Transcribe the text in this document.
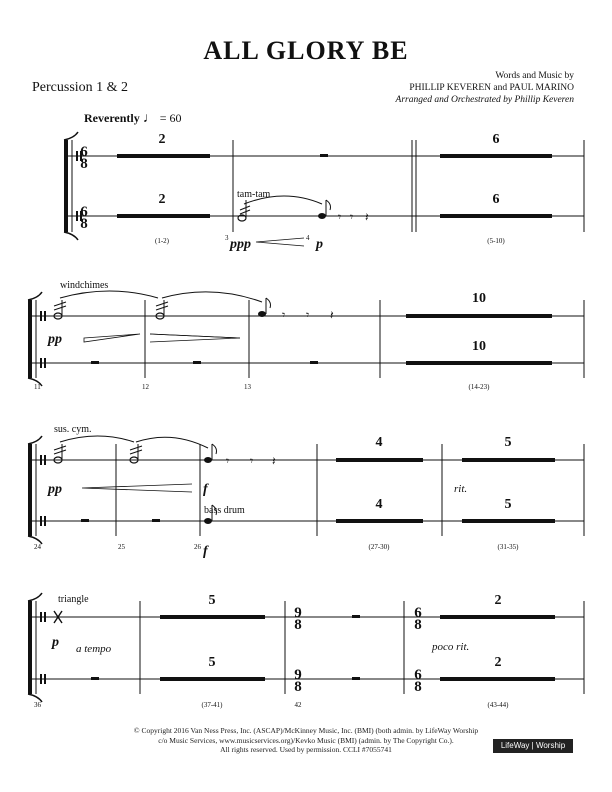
ALL GLORY BE
Percussion 1 & 2
Words and Music by
PHILLIP KEVEREN and PAUL MARINO
Arranged and Orchestrated by Phillip Keveren
Reverently ♩ = 60
𝄾 𝄾 𝄽
𝄾 𝄾 𝄽
𝄾 𝄾 𝄽
6
8
6
8
2	6
2	6
tam-tam
ppp	p
3	4
(1-2)	(5-10)
windchimes
pp
10
10
11	12	13	(14-23)
sus. cym.
bass drum
pp	f
f
rit.
4	5
4	5
24	25	26	(27-30)	(31-35)
triangle
p a tempo	poco rit.
9
8
9
8
6
8
6
8
5	2
5	2
36	(37-41)	42	(43-44)
© Copyright 2016 Van Ness Press, Inc. (ASCAP)/McKinney Music, Inc. (BMI) (both admin. by LifeWay Worship
c/o Music Services, www.musicservices.org)/Kevko Music (BMI) (admin. by The Copyright Co.).
All rights reserved. Used by permission. CCLI #7055741	LifeWay | Worship
